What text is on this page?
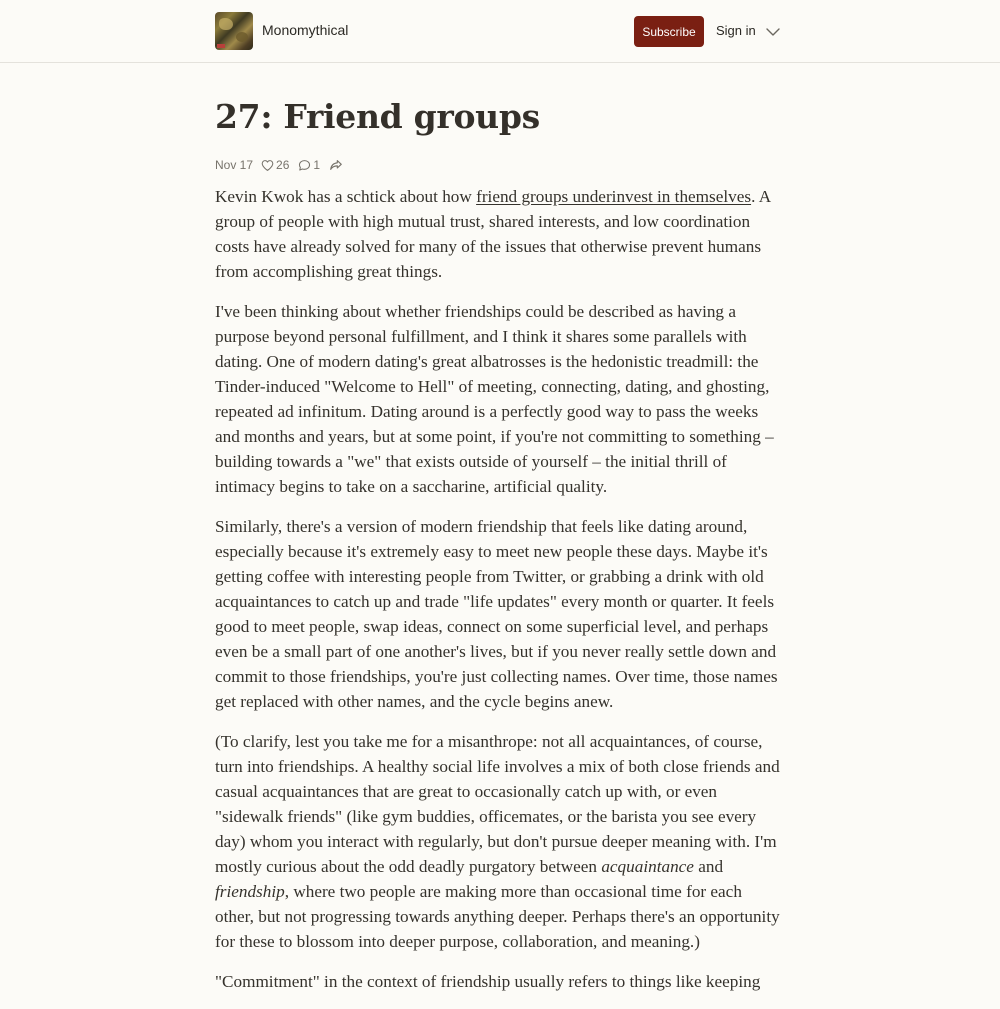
Monomythical	Subscribe	Sign in
27: Friend groups
Nov 17 26 1

Kevin Kwok has a schtick about how friend groups underinvest in themselves. A group of people with high mutual trust, shared interests, and low coordination costs have already solved for many of the issues that otherwise prevent humans from accomplishing great things.

I've been thinking about whether friendships could be described as having a purpose beyond personal fulfillment, and I think it shares some parallels with dating. One of modern dating's great albatrosses is the hedonistic treadmill: the Tinder-induced "Welcome to Hell" of meeting, connecting, dating, and ghosting, repeated ad infinitum. Dating around is a perfectly good way to pass the weeks and months and years, but at some point, if you're not committing to something – building towards a "we" that exists outside of yourself – the initial thrill of intimacy begins to take on a saccharine, artificial quality.

Similarly, there's a version of modern friendship that feels like dating around, especially because it's extremely easy to meet new people these days. Maybe it's getting coffee with interesting people from Twitter, or grabbing a drink with old acquaintances to catch up and trade "life updates" every month or quarter. It feels good to meet people, swap ideas, connect on some superficial level, and perhaps even be a small part of one another's lives, but if you never really settle down and commit to those friendships, you're just collecting names. Over time, those names get replaced with other names, and the cycle begins anew.

(To clarify, lest you take me for a misanthrope: not all acquaintances, of course, turn into friendships. A healthy social life involves a mix of both close friends and casual acquaintances that are great to occasionally catch up with, or even "sidewalk friends" (like gym buddies, officemates, or the barista you see every day) whom you interact with regularly, but don't pursue deeper meaning with. I'm mostly curious about the odd deadly purgatory between acquaintance and friendship, where two people are making more than occasional time for each other, but not progressing towards anything deeper. Perhaps there's an opportunity for these to blossom into deeper purpose, collaboration, and meaning.)

"Commitment" in the context of friendship usually refers to things like keeping
